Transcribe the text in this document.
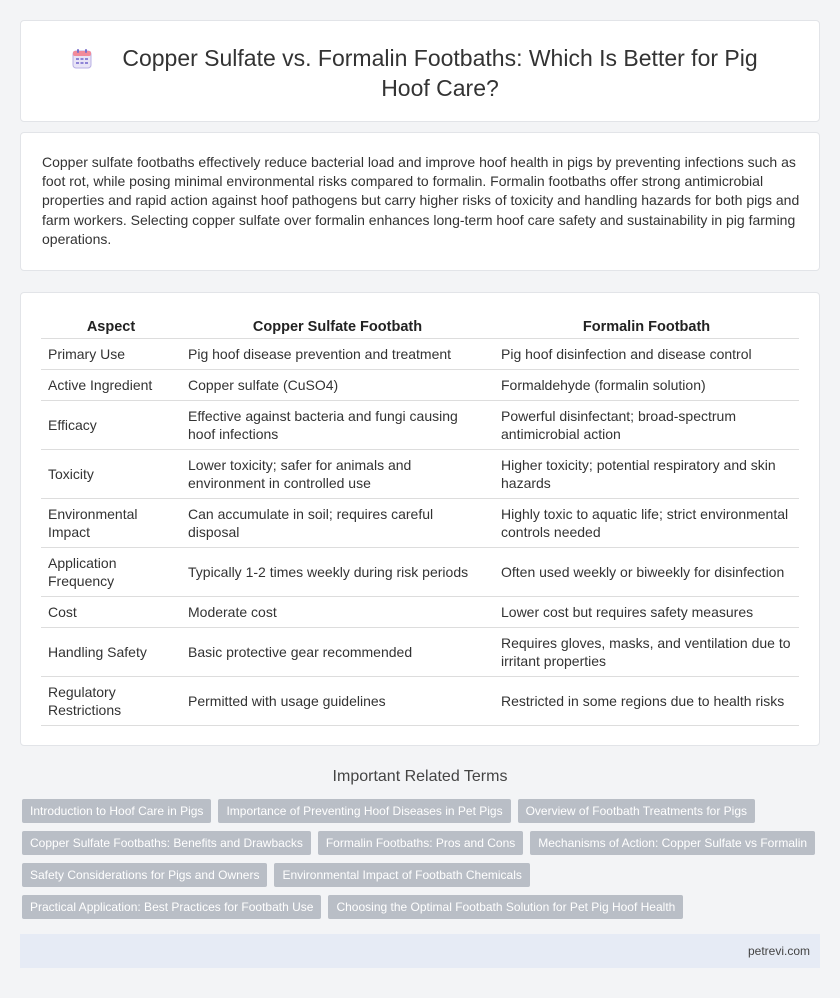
Copper Sulfate vs. Formalin Footbaths: Which Is Better for Pig Hoof Care?

Copper sulfate footbaths effectively reduce bacterial load and improve hoof health in pigs by preventing infections such as foot rot, while posing minimal environmental risks compared to formalin. Formalin footbaths offer strong antimicrobial properties and rapid action against hoof pathogens but carry higher risks of toxicity and handling hazards for both pigs and farm workers. Selecting copper sulfate over formalin enhances long-term hoof care safety and sustainability in pig farming operations.

Aspect	Copper Sulfate Footbath	Formalin Footbath
Primary Use	Pig hoof disease prevention and treatment	Pig hoof disinfection and disease control
Active Ingredient	Copper sulfate (CuSO4)	Formaldehyde (formalin solution)
Efficacy	Effective against bacteria and fungi causing hoof infections	Powerful disinfectant; broad-spectrum antimicrobial action
Toxicity	Lower toxicity; safer for animals and environment in controlled use	Higher toxicity; potential respiratory and skin hazards
Environmental Impact	Can accumulate in soil; requires careful disposal	Highly toxic to aquatic life; strict environmental controls needed
Application Frequency	Typically 1-2 times weekly during risk periods	Often used weekly or biweekly for disinfection
Cost	Moderate cost	Lower cost but requires safety measures
Handling Safety	Basic protective gear recommended	Requires gloves, masks, and ventilation due to irritant properties
Regulatory Restrictions	Permitted with usage guidelines	Restricted in some regions due to health risks
Important Related Terms
Introduction to Hoof Care in Pigs	Importance of Preventing Hoof Diseases in Pet Pigs	Overview of Footbath Treatments for Pigs
Copper Sulfate Footbaths: Benefits and Drawbacks	Formalin Footbaths: Pros and Cons	Mechanisms of Action: Copper Sulfate vs Formalin
Safety Considerations for Pigs and Owners	Environmental Impact of Footbath Chemicals
Practical Application: Best Practices for Footbath Use	Choosing the Optimal Footbath Solution for Pet Pig Hoof Health
petrevi.com
